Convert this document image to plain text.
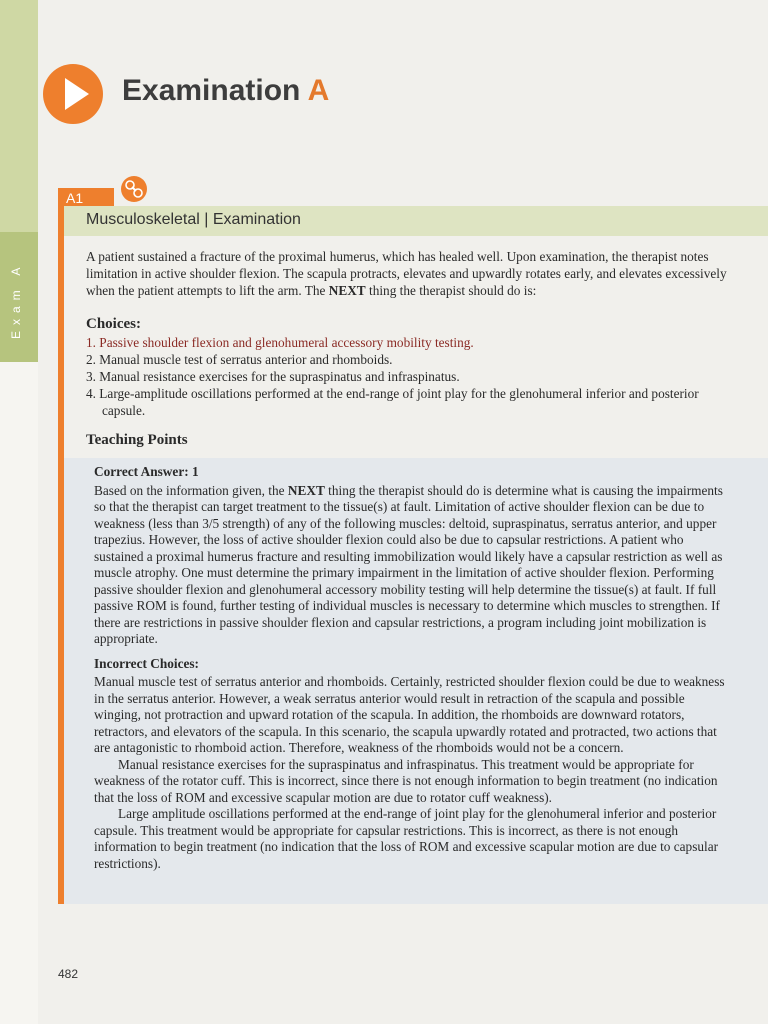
Exam A
Examination A
A1
Musculoskeletal | Examination
A patient sustained a fracture of the proximal humerus, which has healed well. Upon examination, the therapist notes limitation in active shoulder flexion. The scapula protracts, elevates and upwardly rotates early, and elevates excessively when the patient attempts to lift the arm. The NEXT thing the therapist should do is:
Choices:
1. Passive shoulder flexion and glenohumeral accessory mobility testing.
2. Manual muscle test of serratus anterior and rhomboids.
3. Manual resistance exercises for the supraspinatus and infraspinatus.
4. Large-amplitude oscillations performed at the end-range of joint play for the glenohumeral inferior and posterior capsule.
Teaching Points

Correct Answer: 1

Based on the information given, the NEXT thing the therapist should do is determine what is causing the impairments so that the therapist can target treatment to the tissue(s) at fault. Limitation of active shoulder flexion can be due to weakness (less than 3/5 strength) of any of the following muscles: deltoid, supraspinatus, serratus anterior, and upper trapezius. However, the loss of active shoulder flexion could also be due to capsular restrictions. A patient who sustained a proximal humerus fracture and resulting immobilization would likely have a capsular restriction as well as muscle atrophy. One must determine the primary impairment in the limitation of active shoulder flexion. Performing passive shoulder flexion and glenohumeral accessory mobility testing will help determine the tissue(s) at fault. If full passive ROM is found, further testing of individual muscles is necessary to determine which muscles to strengthen. If there are restrictions in passive shoulder flexion and capsular restrictions, a program including joint mobilization is appropriate.

Incorrect Choices:

Manual muscle test of serratus anterior and rhomboids. Certainly, restricted shoulder flexion could be due to weakness in the serratus anterior. However, a weak serratus anterior would result in retraction of the scapula and possible winging, not protraction and upward rotation of the scapula. In addition, the rhomboids are downward rotators, retractors, and elevators of the scapula. In this scenario, the scapula upwardly rotated and protracted, two actions that are antagonistic to rhomboid action. Therefore, weakness of the rhomboids would not be a concern.

Manual resistance exercises for the supraspinatus and infraspinatus. This treatment would be appropriate for weakness of the rotator cuff. This is incorrect, since there is not enough information to begin treatment (no indication that the loss of ROM and excessive scapular motion are due to rotator cuff weakness).

Large amplitude oscillations performed at the end-range of joint play for the glenohumeral inferior and posterior capsule. This treatment would be appropriate for capsular restrictions. This is incorrect, as there is not enough information to begin treatment (no indication that the loss of ROM and excessive scapular motion are due to capsular restrictions).

482
